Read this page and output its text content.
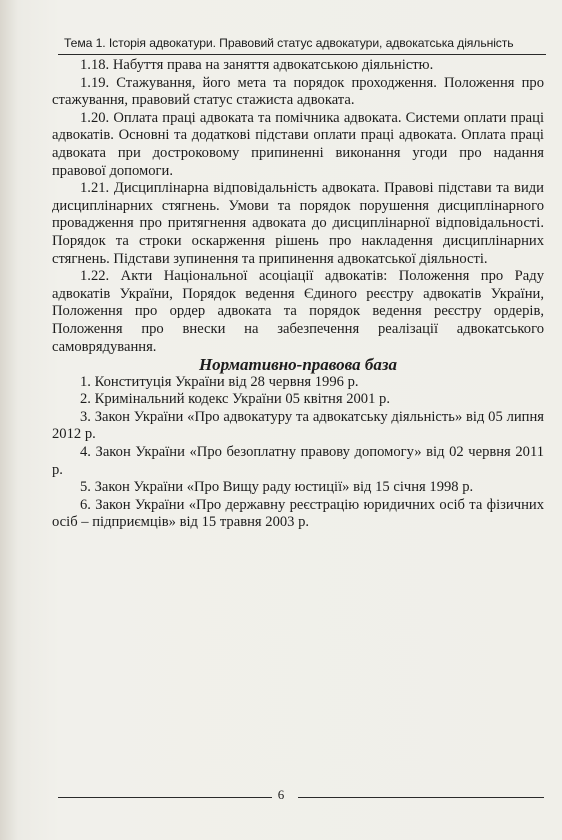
Тема 1. Історія адвокатури. Правовий статус адвокатури, адвокатська діяльність

1.18. Набуття права на заняття адвокатською діяльністю.

1.19. Стажування, його мета та порядок проходження. Положення про стажування, правовий статус стажиста адвоката.

1.20. Оплата праці адвоката та помічника адвоката. Системи оплати праці адвокатів. Основні та додаткові підстави оплати праці адвоката. Оплата праці адвоката при достроковому припиненні виконання угоди про надання правової допомоги.

1.21. Дисциплінарна відповідальність адвоката. Правові підстави та види дисциплінарних стягнень. Умови та порядок порушення дисциплінарного провадження про притягнення адвоката до дисциплінарної відповідальності. Порядок та строки оскарження рішень про накладення дисциплінарних стягнень. Підстави зупинення та припинення адвокатської діяльності.

1.22. Акти Національної асоціації адвокатів: Положення про Раду адвокатів України, Порядок ведення Єдиного реєстру адвокатів України, Положення про ордер адвоката та порядок ведення реєстру ордерів, Положення про внески на забезпечення реалізації адвокатського самоврядування.

Нормативно-правова база

1. Конституція України від 28 червня 1996 р.

2. Кримінальний кодекс України 05 квітня 2001 р.

3. Закон України «Про адвокатуру та адвокатську діяльність» від 05 липня 2012 р.

4. Закон України «Про безоплатну правову допомогу» від 02 червня 2011 р.

5. Закон України «Про Вищу раду юстиції» від 15 січня 1998 р.

6. Закон України «Про державну реєстрацію юридичних осіб та фізичних осіб – підприємців» від 15 травня 2003 р.

6
